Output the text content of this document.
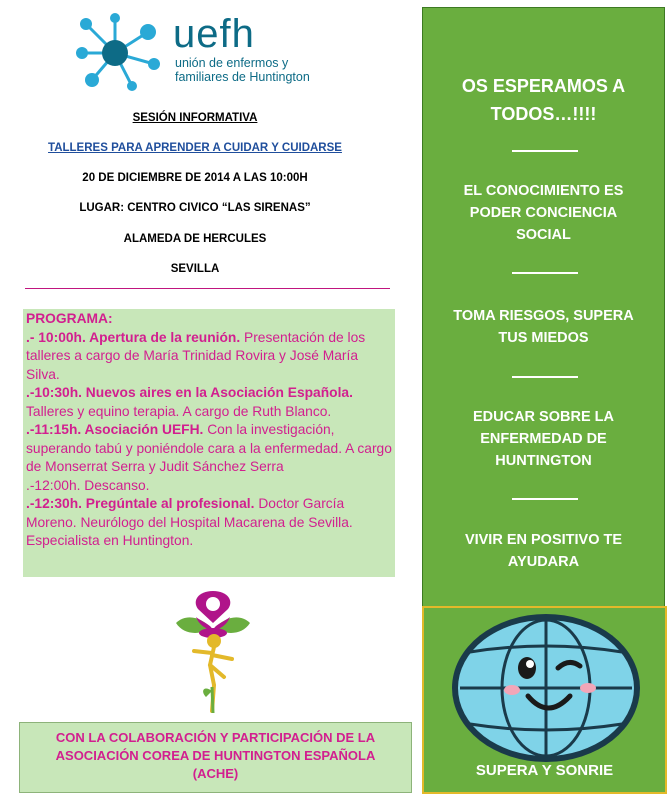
uefh
unión de enfermos y
familiares de Huntington
SESIÓN INFORMATIVA
TALLERES PARA APRENDER A CUIDAR Y CUIDARSE
20 DE DICIEMBRE DE 2014 A LAS 10:00H
LUGAR: CENTRO CIVICO “LAS SIRENAS”
ALAMEDA DE HERCULES
SEVILLA

PROGRAMA:

.- 10:00h. Apertura de la reunión. Presentación de los talleres a cargo de María Trinidad Rovira y José María Silva.

.-10:30h. Nuevos aires en la Asociación Española. Talleres y equino terapia. A cargo de Ruth Blanco.

.-11:15h. Asociación UEFH. Con la investigación, superando tabú y poniéndole cara a la enfermedad. A cargo de Monserrat Serra y Judit Sánchez Serra

.-12:00h. Descanso.

.-12:30h. Pregúntale al profesional. Doctor García Moreno. Neurólogo del Hospital Macarena de Sevilla. Especialista en Huntington.

CON LA COLABORACIÓN Y PARTICIPACIÓN DE LA
ASOCIACIÓN COREA DE HUNTINGTON ESPAÑOLA
(ACHE)
OS ESPERAMOS A
TODOS…!!!!
EL CONOCIMIENTO ES
PODER CONCIENCIA
SOCIAL
TOMA RIESGOS, SUPERA
TUS MIEDOS
EDUCAR SOBRE LA
ENFERMEDAD DE
HUNTINGTON
VIVIR EN POSITIVO TE
AYUDARA
SUPERA Y SONRIE
